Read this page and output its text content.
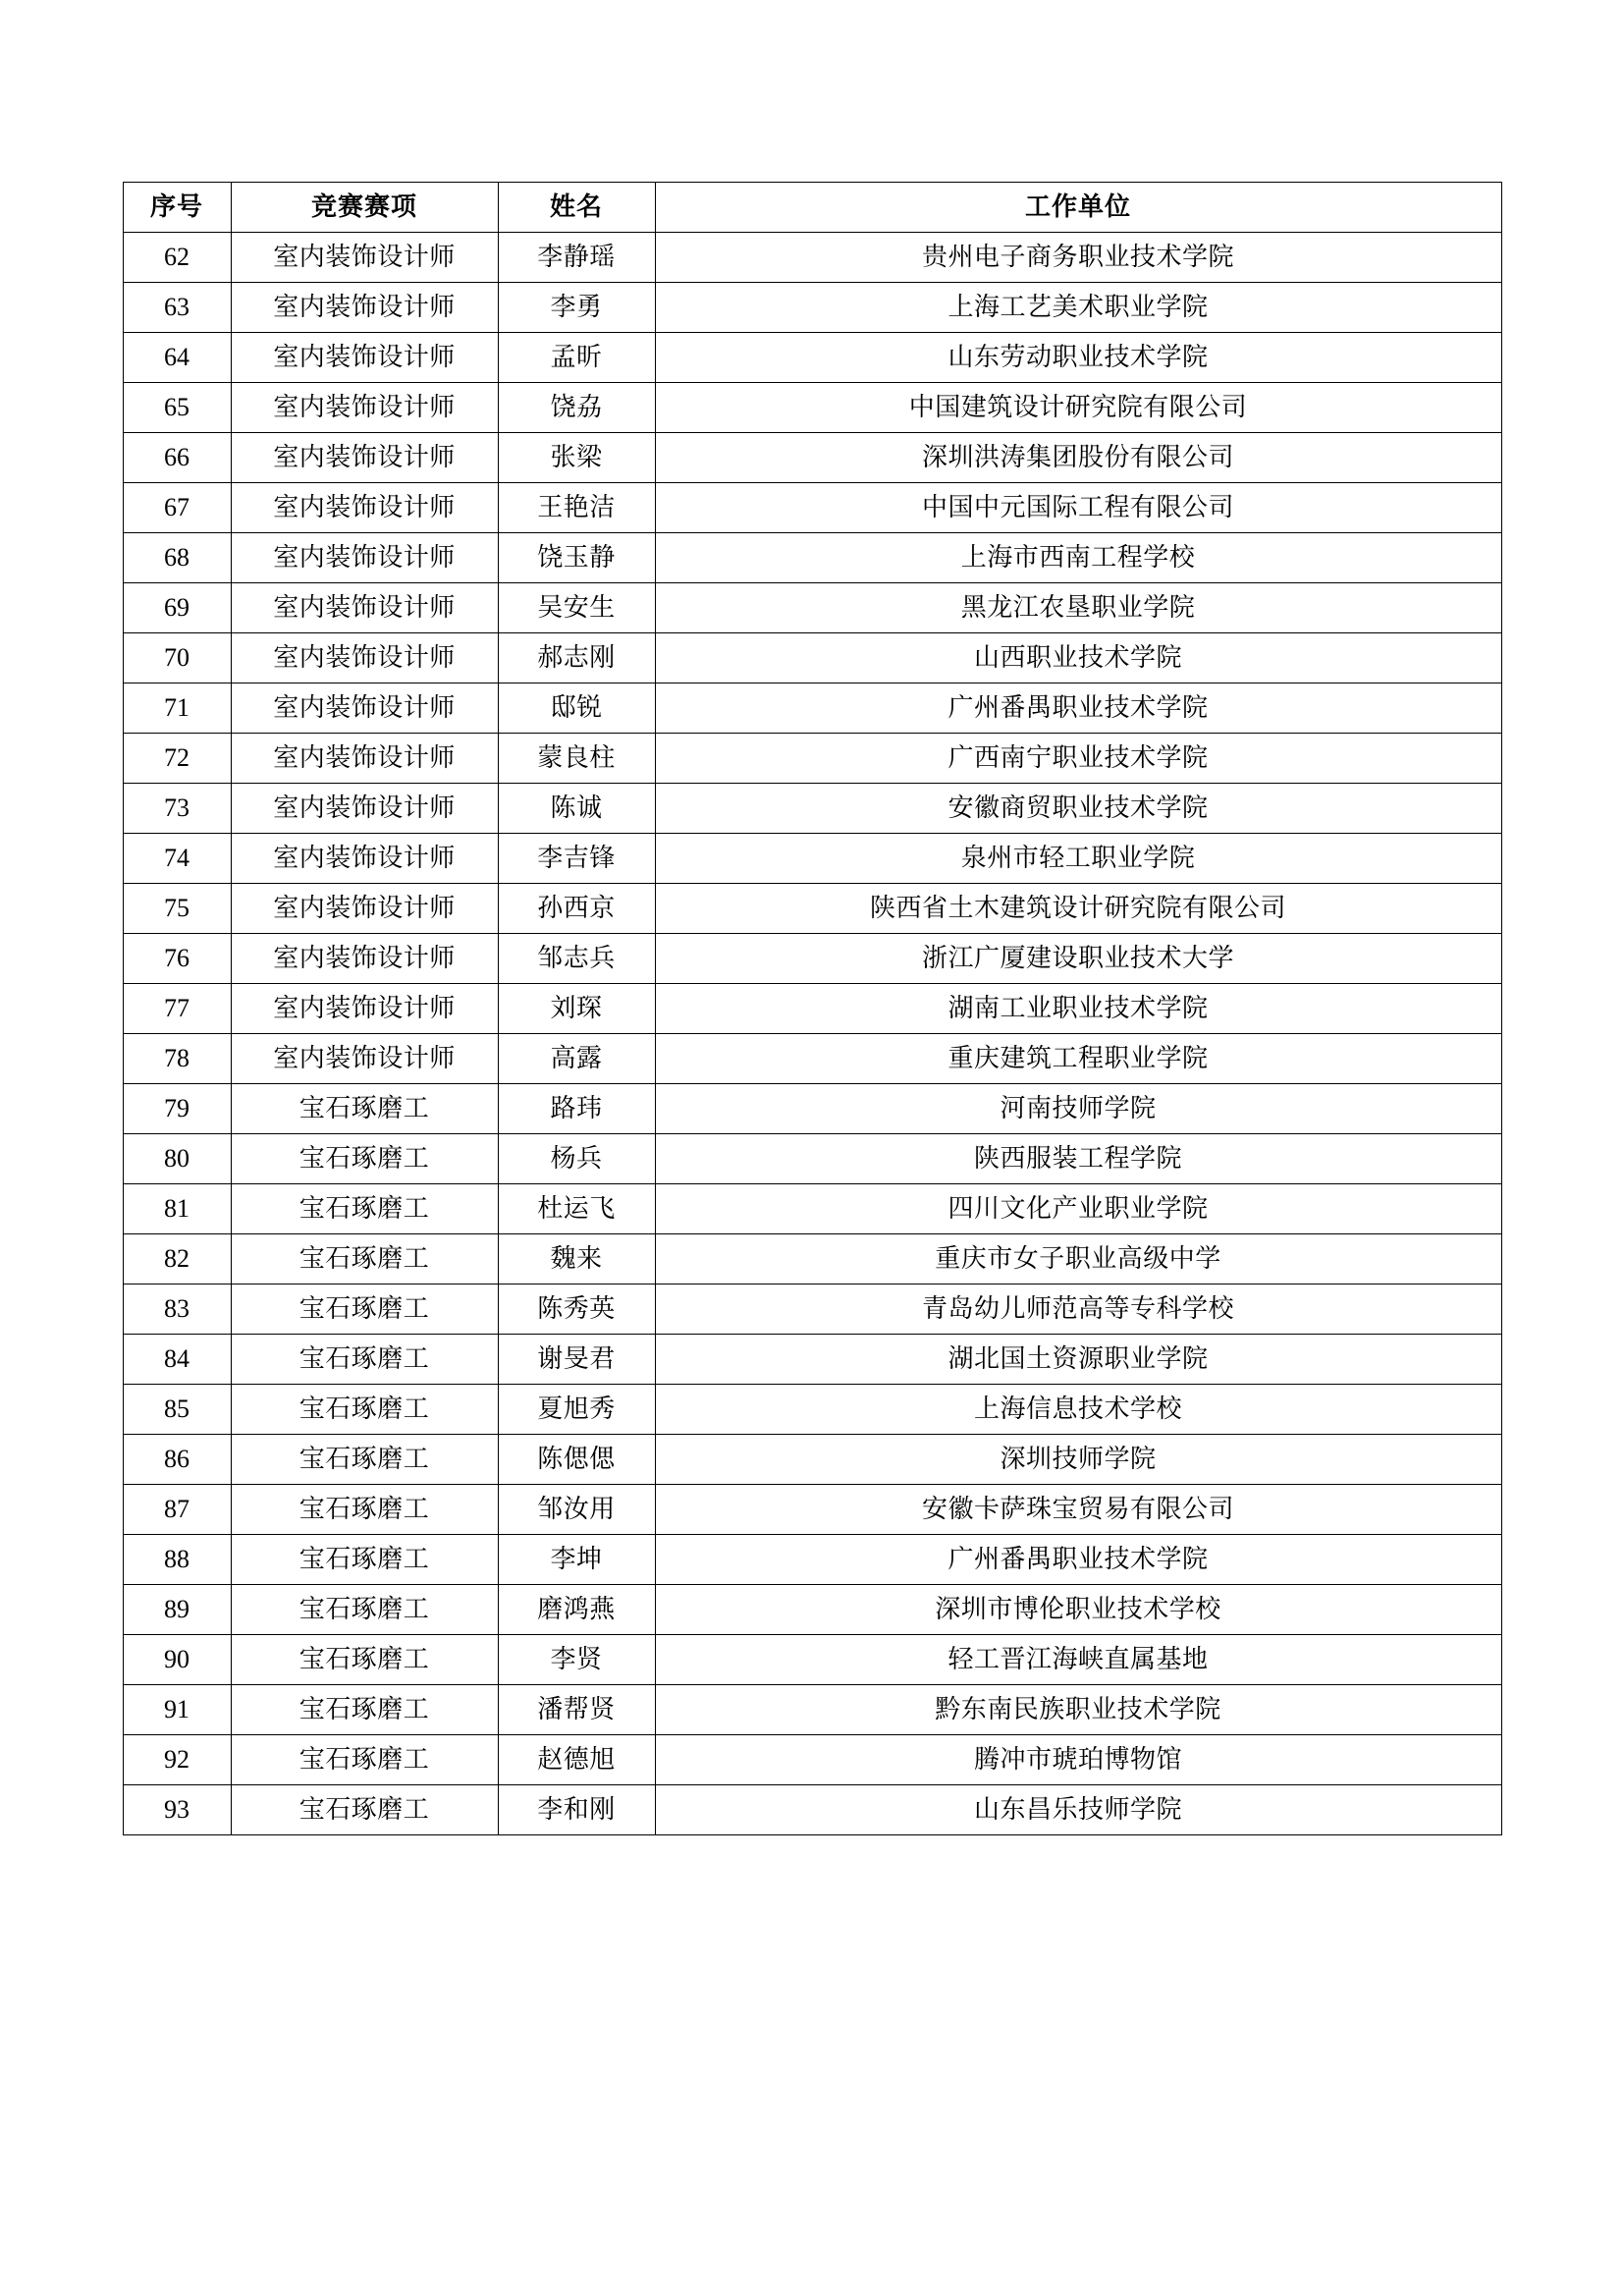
序号	竞赛赛项	姓名	工作单位
62	室内装饰设计师	李静瑶	贵州电子商务职业技术学院
63	室内装饰设计师	李勇	上海工艺美术职业学院
64	室内装饰设计师	孟昕	山东劳动职业技术学院
65	室内装饰设计师	饶劦	中国建筑设计研究院有限公司
66	室内装饰设计师	张梁	深圳洪涛集团股份有限公司
67	室内装饰设计师	王艳洁	中国中元国际工程有限公司
68	室内装饰设计师	饶玉静	上海市西南工程学校
69	室内装饰设计师	吴安生	黑龙江农垦职业学院
70	室内装饰设计师	郝志刚	山西职业技术学院
71	室内装饰设计师	邸锐	广州番禺职业技术学院
72	室内装饰设计师	蒙良柱	广西南宁职业技术学院
73	室内装饰设计师	陈诚	安徽商贸职业技术学院
74	室内装饰设计师	李吉锋	泉州市轻工职业学院
75	室内装饰设计师	孙西京	陕西省土木建筑设计研究院有限公司
76	室内装饰设计师	邹志兵	浙江广厦建设职业技术大学
77	室内装饰设计师	刘琛	湖南工业职业技术学院
78	室内装饰设计师	高露	重庆建筑工程职业学院
79	宝石琢磨工	路玮	河南技师学院
80	宝石琢磨工	杨兵	陕西服装工程学院
81	宝石琢磨工	杜运飞	四川文化产业职业学院
82	宝石琢磨工	魏来	重庆市女子职业高级中学
83	宝石琢磨工	陈秀英	青岛幼儿师范高等专科学校
84	宝石琢磨工	谢旻君	湖北国土资源职业学院
85	宝石琢磨工	夏旭秀	上海信息技术学校
86	宝石琢磨工	陈偲偲	深圳技师学院
87	宝石琢磨工	邹汝用	安徽卡萨珠宝贸易有限公司
88	宝石琢磨工	李坤	广州番禺职业技术学院
89	宝石琢磨工	磨鸿燕	深圳市博伦职业技术学校
90	宝石琢磨工	李贤	轻工晋江海峡直属基地
91	宝石琢磨工	潘帮贤	黔东南民族职业技术学院
92	宝石琢磨工	赵德旭	腾冲市琥珀博物馆
93	宝石琢磨工	李和刚	山东昌乐技师学院
